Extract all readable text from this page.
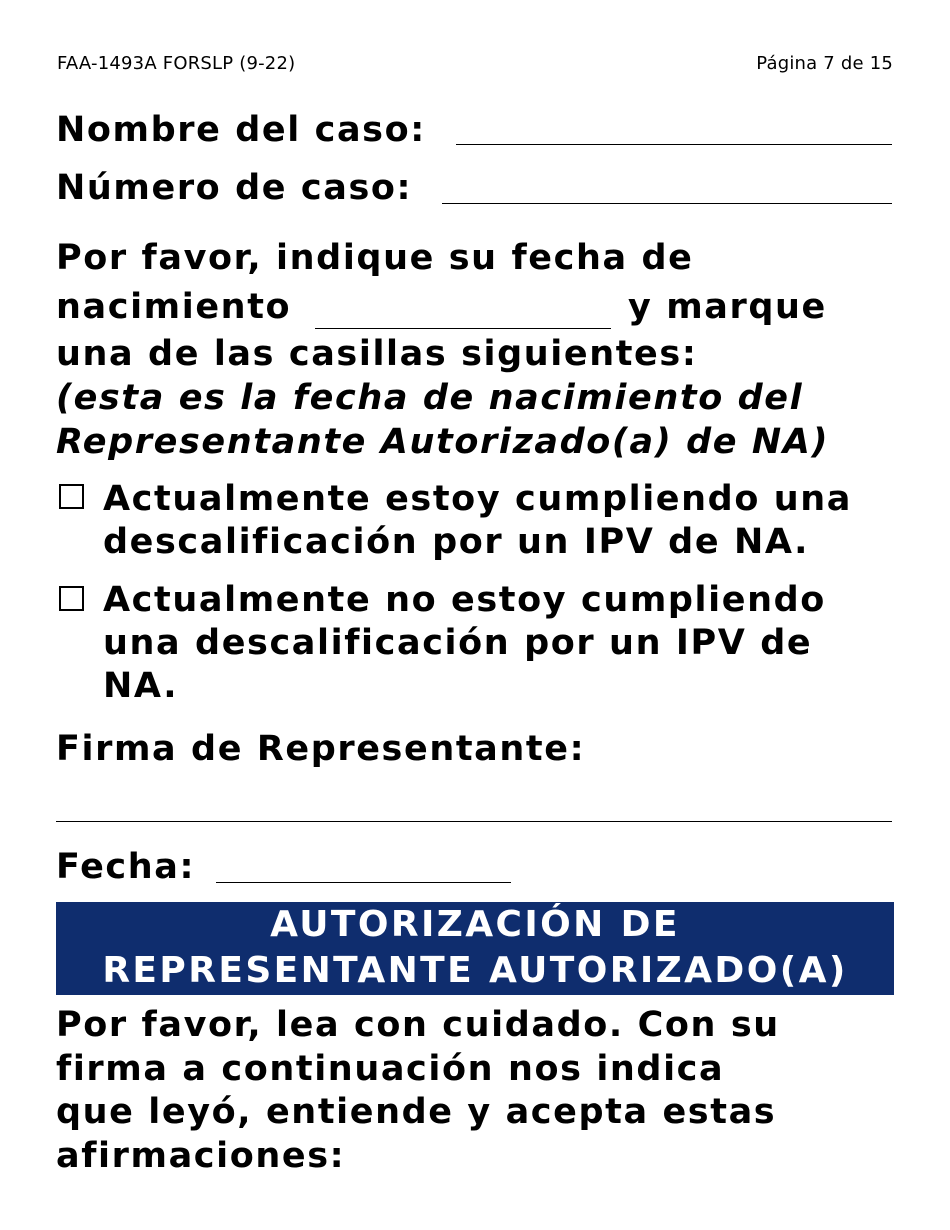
FAA-1493A FORSLP (9-22)	Página 7 de 15
Nombre del caso:
Número de caso:
Por favor, indique su fecha de
nacimiento	y marque
una de las casillas siguientes:
(esta es la fecha de nacimiento del
Representante Autorizado(a) de NA)
Actualmente estoy cumpliendo una
descalificación por un IPV de NA.
Actualmente no estoy cumpliendo
una descalificación por un IPV de
NA.
Firma de Representante:
Fecha:
AUTORIZACIÓN DE
REPRESENTANTE AUTORIZADO(A)
Por favor, lea con cuidado. Con su
firma a continuación nos indica
que leyó, entiende y acepta estas
afirmaciones:
